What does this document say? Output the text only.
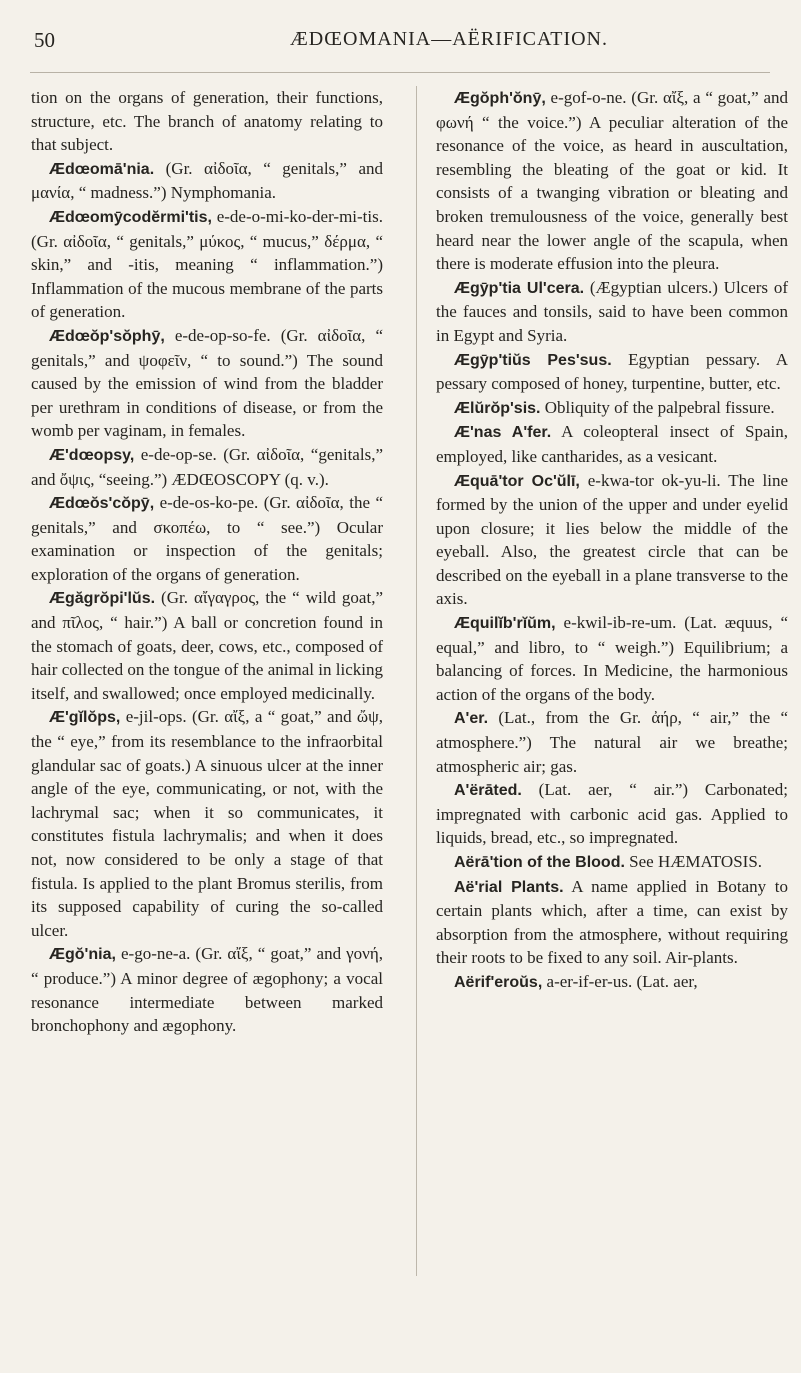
50	ÆDŒOMANIA—AËRIFICATION.

tion on the organs of generation, their functions, structure, etc. The branch of anatomy relating to that subject.

Ædœomā'nia. (Gr. αἰδοῖα, “ genitals,” and μανία, “ madness.”) Nymphomania.

Ædœomȳcodĕrmi'tis, e-de-o-mi-ko-der-mi-tis. (Gr. αἰδοῖα, “ genitals,” μύκος, “ mucus,” δέρμα, “ skin,” and -itis, meaning “ inflammation.”) Inflammation of the mucous membrane of the parts of generation.

Ædœŏp'sŏphȳ, e-de-op-so-fe. (Gr. αἰδοῖα, “ genitals,” and ψοφεῖν, “ to sound.”) The sound caused by the emission of wind from the bladder per urethram in conditions of disease, or from the womb per vaginam, in females.

Æ'dœopsy, e-de-op-se. (Gr. αἰδοῖα, “genitals,” and ὄψις, “seeing.”) ÆDŒOSCOPY (q. v.).

Ædœŏs'cŏpȳ, e-de-os-ko-pe. (Gr. αἰδοῖα, the “ genitals,” and σκοπέω, to “ see.”) Ocular examination or inspection of the genitals; exploration of the organs of generation.

Ægăgrŏpi'lŭs. (Gr. αἴγαγρος, the “ wild goat,” and πῖλος, “ hair.”) A ball or concretion found in the stomach of goats, deer, cows, etc., composed of hair collected on the tongue of the animal in licking itself, and swallowed; once employed medicinally.

Æ'gĭlŏps, e-jil-ops. (Gr. αἴξ, a “ goat,” and ὤψ, the “ eye,” from its resemblance to the infraorbital glandular sac of goats.) A sinuous ulcer at the inner angle of the eye, communicating, or not, with the lachrymal sac; when it so communicates, it constitutes fistula lachrymalis; and when it does not, now considered to be only a stage of that fistula. Is applied to the plant Bromus sterilis, from its supposed capability of curing the so-called ulcer.

Ægŏ'nia, e-go-ne-a. (Gr. αἴξ, “ goat,” and γονή, “ produce.”) A minor degree of ægophony; a vocal resonance intermediate between marked bronchophony and ægophony.

Ægŏph'ŏnȳ, e-gof-o-ne. (Gr. αἴξ, a “ goat,” and φωνή “ the voice.”) A peculiar alteration of the resonance of the voice, as heard in auscultation, resembling the bleating of the goat or kid. It consists of a twanging vibration or bleating and broken tremulousness of the voice, generally best heard near the lower angle of the scapula, when there is moderate effusion into the pleura.

Ægȳp'tia Ul'cera. (Ægyptian ulcers.) Ulcers of the fauces and tonsils, said to have been common in Egypt and Syria.

Ægȳp'tiŭs Pes'sus. Egyptian pessary. A pessary composed of honey, turpentine, butter, etc.

Ælŭrŏp'sis. Obliquity of the palpebral fissure.

Æ'nas A'fer. A coleopteral insect of Spain, employed, like cantharides, as a vesicant.

Æquā'tor Oc'ŭlī, e-kwa-tor ok-yu-li. The line formed by the union of the upper and under eyelid upon closure; it lies below the middle of the eyeball. Also, the greatest circle that can be described on the eyeball in a plane transverse to the axis.

Æquilĭb'rĭŭm, e-kwil-ib-re-um. (Lat. æquus, “ equal,” and libro, to “ weigh.”) Equilibrium; a balancing of forces. In Medicine, the harmonious action of the organs of the body.

A'er. (Lat., from the Gr. ἀήρ, “ air,” the “ atmosphere.”) The natural air we breathe; atmospheric air; gas.

A'ërāted. (Lat. aer, “ air.”) Carbonated; impregnated with carbonic acid gas. Applied to liquids, bread, etc., so impregnated.

Aërā'tion of the Blood. See HÆMATOSIS.

Aë'rial Plants. A name applied in Botany to certain plants which, after a time, can exist by absorption from the atmosphere, without requiring their roots to be fixed to any soil. Air-plants.

Aërif'eroŭs, a-er-if-er-us. (Lat. aer,
